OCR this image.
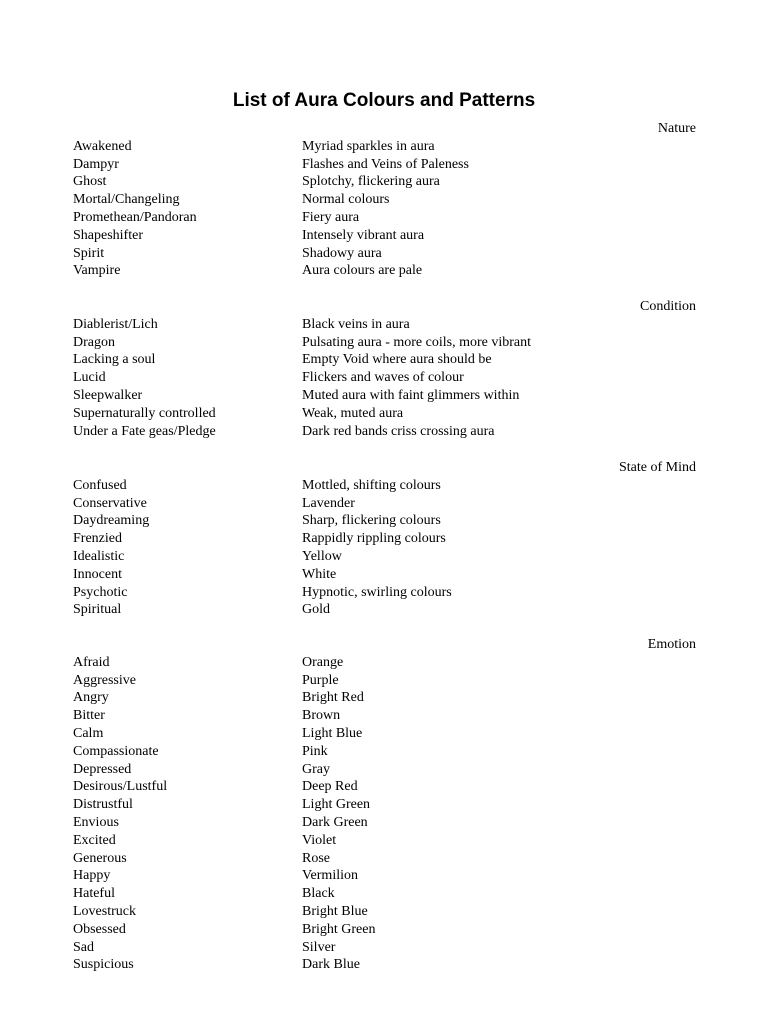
List of Aura Colours and Patterns
Nature
Awakened	Myriad sparkles in aura
Dampyr	Flashes and Veins of Paleness
Ghost	Splotchy, flickering aura
Mortal/Changeling	Normal colours
Promethean/Pandoran	Fiery aura
Shapeshifter	Intensely vibrant aura
Spirit	Shadowy aura
Vampire	Aura colours are pale
Condition
Diablerist/Lich	Black veins in aura
Dragon	Pulsating aura - more coils, more vibrant
Lacking a soul	Empty Void where aura should be
Lucid	Flickers and waves of colour
Sleepwalker	Muted aura with faint glimmers within
Supernaturally controlled	Weak, muted aura
Under a Fate geas/Pledge	Dark red bands criss crossing aura
State of Mind
Confused	Mottled, shifting colours
Conservative	Lavender
Daydreaming	Sharp, flickering colours
Frenzied	Rappidly rippling colours
Idealistic	Yellow
Innocent	White
Psychotic	Hypnotic, swirling colours
Spiritual	Gold
Emotion
Afraid	Orange
Aggressive	Purple
Angry	Bright Red
Bitter	Brown
Calm	Light Blue
Compassionate	Pink
Depressed	Gray
Desirous/Lustful	Deep Red
Distrustful	Light Green
Envious	Dark Green
Excited	Violet
Generous	Rose
Happy	Vermilion
Hateful	Black
Lovestruck	Bright Blue
Obsessed	Bright Green
Sad	Silver
Suspicious	Dark Blue
